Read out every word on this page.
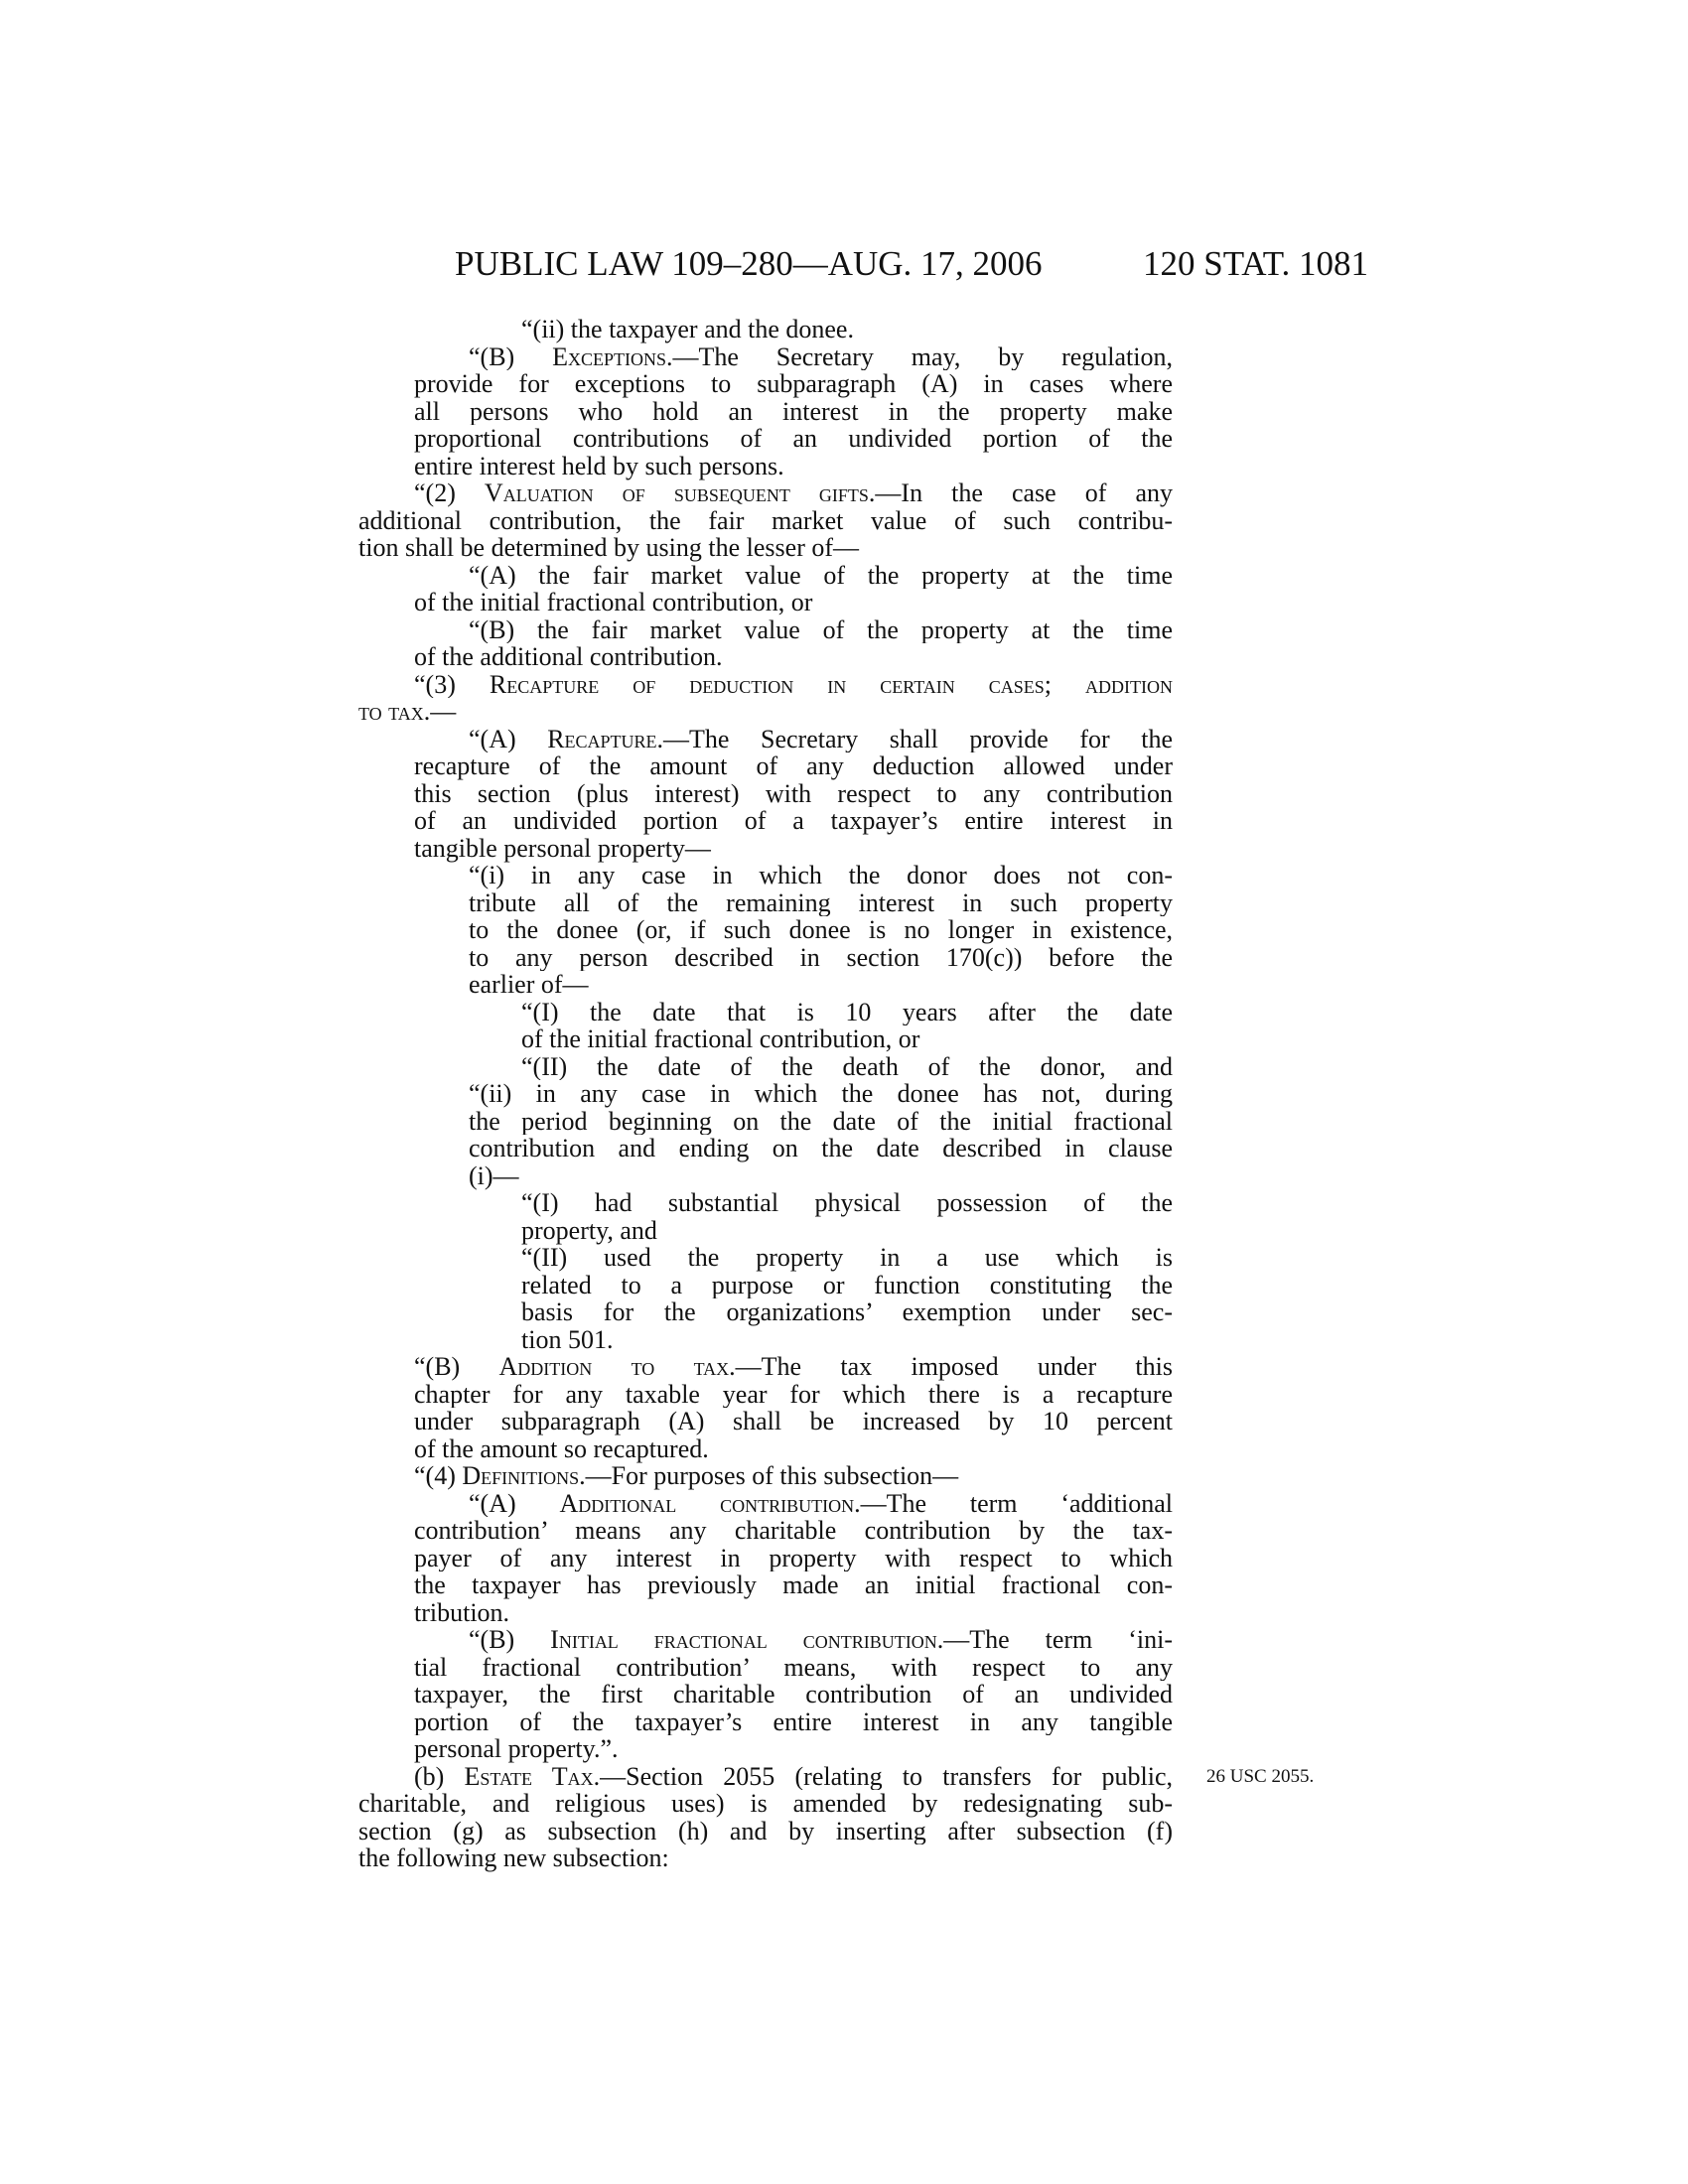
PUBLIC LAW 109–280—AUG. 17, 2006	120 STAT. 1081
“(ii) the taxpayer and the donee.
“(B) Exceptions.—The Secretary may, by regulation,
provide for exceptions to subparagraph (A) in cases where
all persons who hold an interest in the property make
proportional contributions of an undivided portion of the
entire interest held by such persons.
“(2) Valuation of subsequent gifts.—In the case of any
additional contribution, the fair market value of such contribu-
tion shall be determined by using the lesser of—
“(A) the fair market value of the property at the time
of the initial fractional contribution, or
“(B) the fair market value of the property at the time
of the additional contribution.
“(3) Recapture of deduction in certain cases; addition
to tax.—
“(A) Recapture.—The Secretary shall provide for the
recapture of the amount of any deduction allowed under
this section (plus interest) with respect to any contribution
of an undivided portion of a taxpayer’s entire interest in
tangible personal property—
“(i) in any case in which the donor does not con-
tribute all of the remaining interest in such property
to the donee (or, if such donee is no longer in existence,
to any person described in section 170(c)) before the
earlier of—
“(I) the date that is 10 years after the date
of the initial fractional contribution, or
“(II) the date of the death of the donor, and
“(ii) in any case in which the donee has not, during
the period beginning on the date of the initial fractional
contribution and ending on the date described in clause
(i)—
“(I) had substantial physical possession of the
property, and
“(II) used the property in a use which is
related to a purpose or function constituting the
basis for the organizations’ exemption under sec-
tion 501.
“(B) Addition to tax.—The tax imposed under this
chapter for any taxable year for which there is a recapture
under subparagraph (A) shall be increased by 10 percent
of the amount so recaptured.
“(4) Definitions.—For purposes of this subsection—
“(A) Additional contribution.—The term ‘additional
contribution’ means any charitable contribution by the tax-
payer of any interest in property with respect to which
the taxpayer has previously made an initial fractional con-
tribution.
“(B) Initial fractional contribution.—The term ‘ini-
tial fractional contribution’ means, with respect to any
taxpayer, the first charitable contribution of an undivided
portion of the taxpayer’s entire interest in any tangible
personal property.”.
(b) Estate Tax.—Section 2055 (relating to transfers for public, 26 USC 2055.
charitable, and religious uses) is amended by redesignating sub-
section (g) as subsection (h) and by inserting after subsection (f)
the following new subsection:
